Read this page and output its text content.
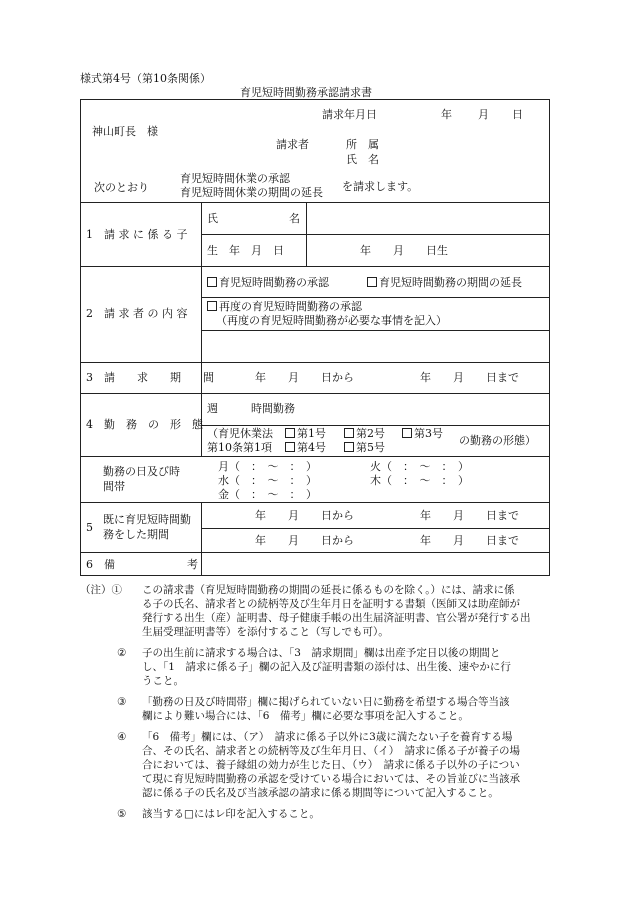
様式第4号（第10条関係）
育児短時間勤務承認請求書
請求年月日	年 月 日
神山町長　様
請求者	所　属
氏　名
次のとおり
育児短時間休業の承認
育児短時間休業の期間の延長 を請求します。
1　請 求 に 係 る 子
氏	名
生　年　月　日	年　　月　　日生
2　請 求 者 の 内 容
育児短時間勤務の承認	育児短時間勤務の期間の延長
再度の育児短時間勤務の承認
（再度の育児短時間勤務が必要な事情を記入）
3　請　　求　　期　　間	年　　月　　日から　　　　　　年　　月　　日まで
4　勤　務　の　形　態
週　　　時間勤務
（育児休業法	第1号	第2号	第3号
第10条第1項	第4号	第5号
の勤務の形態）
勤務の日及び時
間帯
月（　：　〜　：　）	火（　：　〜　：　）
水（　：　〜　：　）	木（　：　〜　：　）
金（　：　〜　：　）
5
既に育児短時間勤
務をした期間
年　　月　　日から　　　　　　年　　月　　日まで
年　　月　　日から　　　　　　年　　月　　日まで
6　備	考
（注）① この請求書（育児短時間勤務の期間の延長に係るものを除く。）には、請求に係
る子の氏名、請求者との続柄等及び生年月日を証明する書類（医師又は助産師が
発行する出生（産）証明書、母子健康手帳の出生届済証明書、官公署が発行する出
生届受理証明書等）を添付すること（写しでも可）。
② 子の出生前に請求する場合は、「3　請求期間」欄は出産予定日以後の期間と
し、「1　請求に係る子」欄の記入及び証明書類の添付は、出生後、速やかに行
うこと。
③ 「勤務の日及び時間帯」欄に掲げられていない日に勤務を希望する場合等当該
欄により難い場合には、「6　備考」欄に必要な事項を記入すること。
④ 「6　備考」欄には、（ア）　請求に係る子以外に3歳に満たない子を養育する場
合、その氏名、請求者との続柄等及び生年月日、（イ）　請求に係る子が養子の場
合においては、養子縁組の効力が生じた日、（ウ）　請求に係る子以外の子につい
て現に育児短時間勤務の承認を受けている場合においては、その旨並びに当該承
認に係る子の氏名及び当該承認の請求に係る期間等について記入すること。
⑤ 該当する□にはレ印を記入すること。
